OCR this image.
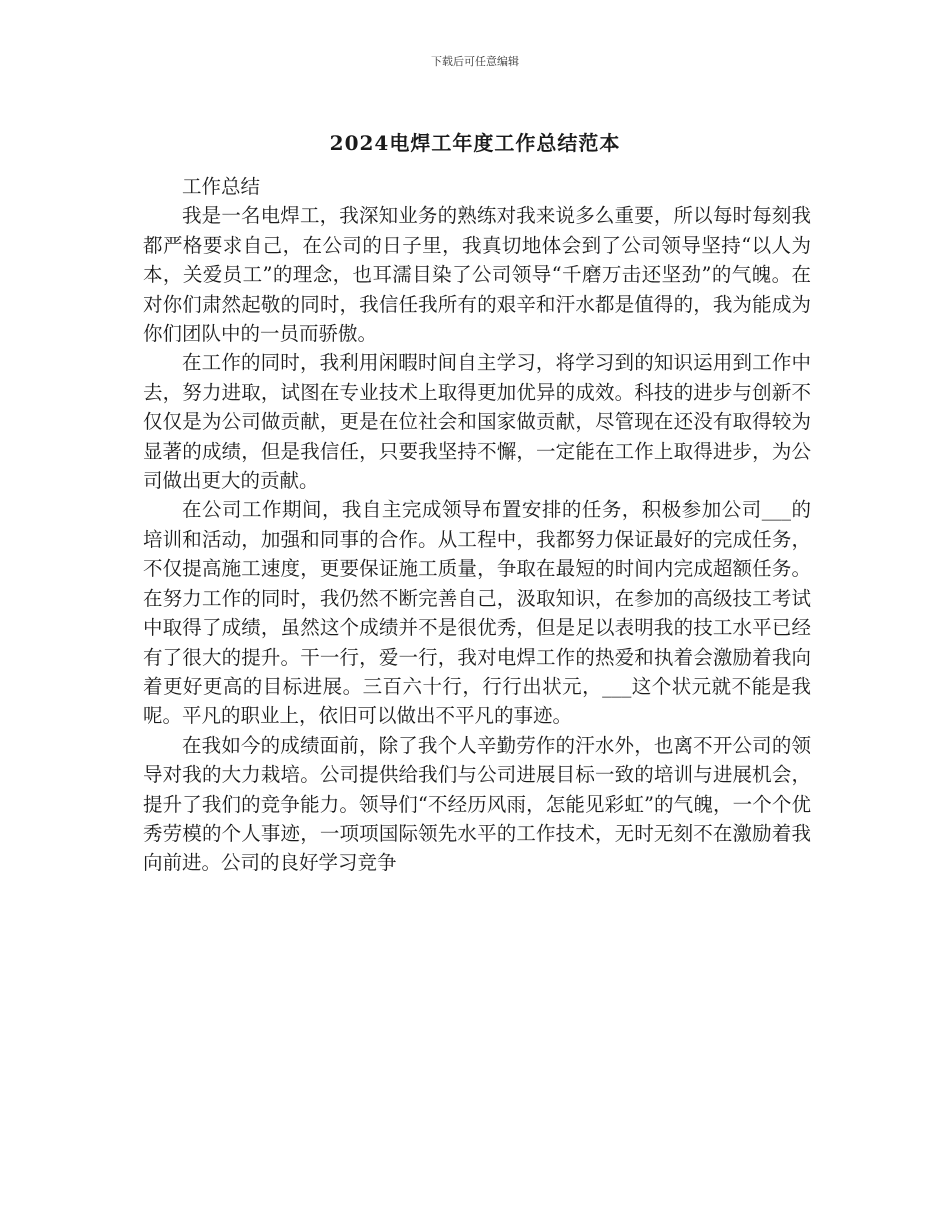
下载后可任意编辑
2024电焊工年度工作总结范本

工作总结

我是一名电焊工，我深知业务的熟练对我来说多么重要，所以每时每刻我都严格要求自己，在公司的日子里，我真切地体会到了公司领导坚持“以人为本，关爱员工”的理念，也耳濡目染了公司领导“千磨万击还坚劲”的气魄。在对你们肃然起敬的同时，我信任我所有的艰辛和汗水都是值得的，我为能成为你们团队中的一员而骄傲。

在工作的同时，我利用闲暇时间自主学习，将学习到的知识运用到工作中去，努力进取，试图在专业技术上取得更加优异的成效。科技的进步与创新不仅仅是为公司做贡献，更是在位社会和国家做贡献，尽管现在还没有取得较为显著的成绩，但是我信任，只要我坚持不懈，一定能在工作上取得进步，为公司做出更大的贡献。

在公司工作期间，我自主完成领导布置安排的任务，积极参加公司___的培训和活动，加强和同事的合作。从工程中，我都努力保证最好的完成任务，不仅提高施工速度，更要保证施工质量，争取在最短的时间内完成超额任务。在努力工作的同时，我仍然不断完善自己，汲取知识，在参加的高级技工考试中取得了成绩，虽然这个成绩并不是很优秀，但是足以表明我的技工水平已经有了很大的提升。干一行，爱一行，我对电焊工作的热爱和执着会激励着我向着更好更高的目标进展。三百六十行，行行出状元，___这个状元就不能是我呢。平凡的职业上，依旧可以做出不平凡的事迹。

在我如今的成绩面前，除了我个人辛勤劳作的汗水外，也离不开公司的领导对我的大力栽培。公司提供给我们与公司进展目标一致的培训与进展机会，提升了我们的竞争能力。领导们“不经历风雨，怎能见彩虹”的气魄，一个个优秀劳模的个人事迹，一项项国际领先水平的工作技术，无时无刻不在激励着我向前进。公司的良好学习竞争
